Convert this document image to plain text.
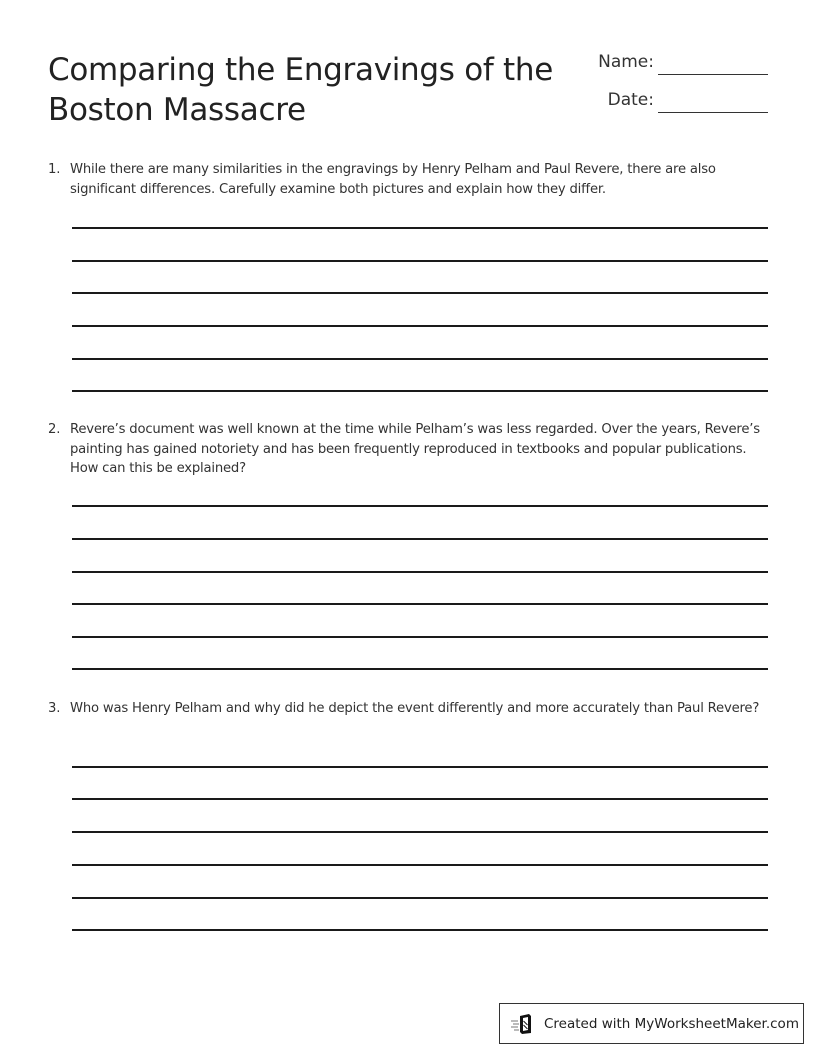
Comparing the Engravings of the Boston Massacre
Name:
Date:
1. While there are many similarities in the engravings by Henry Pelham and Paul Revere, there are also significant differences. Carefully examine both pictures and explain how they differ.
2. Revere’s document was well known at the time while Pelham’s was less regarded. Over the years, Revere’s painting has gained notoriety and has been frequently reproduced in textbooks and popular publications. How can this be explained?
3. Who was Henry Pelham and why did he depict the event differently and more accurately than Paul Revere?
Created with MyWorksheetMaker.com
